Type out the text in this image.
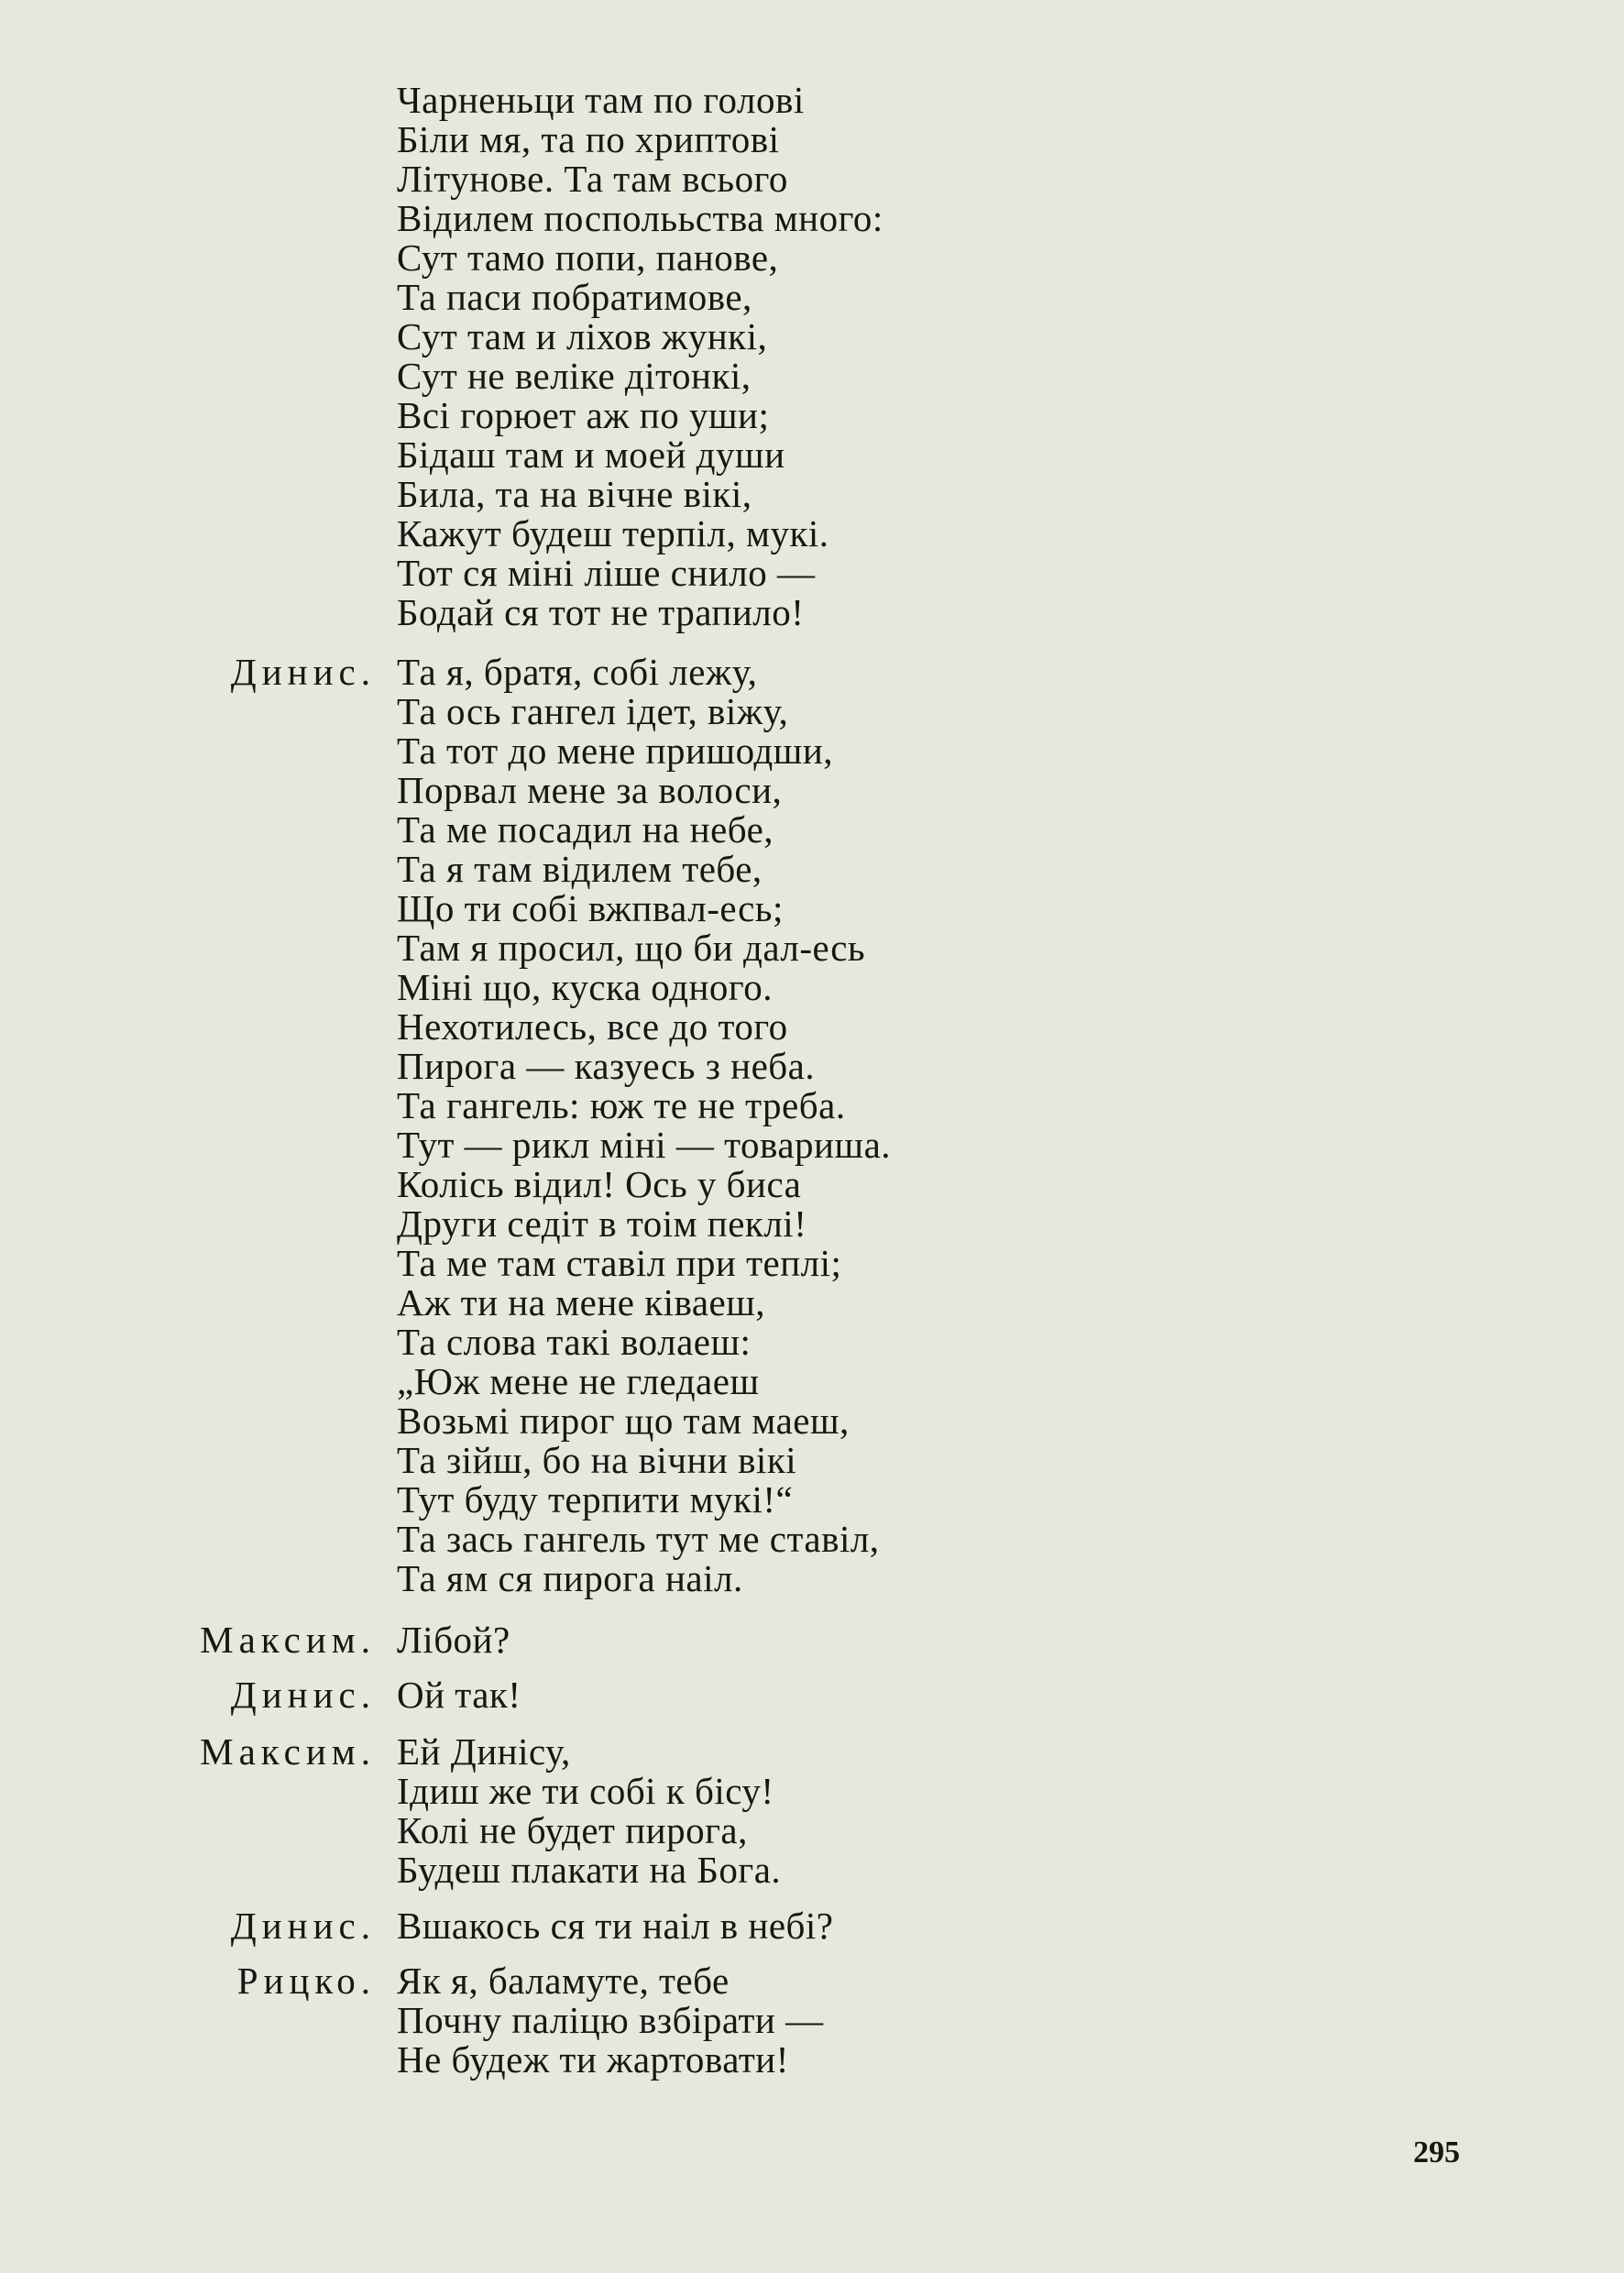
Чарненьци там по голові
Біли мя, та по хриптові
Літунове. Та там всього
Відилем посполььства много:
Сут тамо попи, панове,
Та паси побратимове,
Сут там и ліхов жункі,
Сут не веліке дітонкі,
Всі горюет аж по уши;
Бідаш там и моей души
Била, та на вічне вікі,
Кажут будеш терпіл, мукі.
Тот ся міні ліше снило —
Бодай ся тот не трапило!
Динис. Та я, братя, собі лежу,
Та ось гангел ідет, віжу,
Та тот до мене пришодши,
Порвал мене за волоси,
Та ме посадил на небе,
Та я там відилем тебе,
Що ти собі вжпвал-есь;
Там я просил, що би дал-есь
Міні що, куска одного.
Нехотилесь, все до того
Пирога — казуесь з неба.
Та гангель: юж те не треба.
Тут — рикл міні — товариша.
Колісь відил! Ось у биса
Други седіт в тоім пеклі!
Та ме там ставіл при теплі;
Аж ти на мене ківаеш,
Та слова такі волаеш:
„Юж мене не гледаеш
Возьмі пирог що там маеш,
Та зійш, бо на вічни вікі
Тут буду терпити мукі!“
Та зась гангель тут ме ставіл,
Та ям ся пирога наіл.
Максим. Лібой?
Динис. Ой так!
Максим. Ей Динісу,
Ідиш же ти собі к бісу!
Колі не будет пирога,
Будеш плакати на Бога.
Динис. Вшакось ся ти наіл в небі?
Рицко. Як я, баламуте, тебе
Почну паліцю взбірати —
Не будеж ти жартовати!
295
